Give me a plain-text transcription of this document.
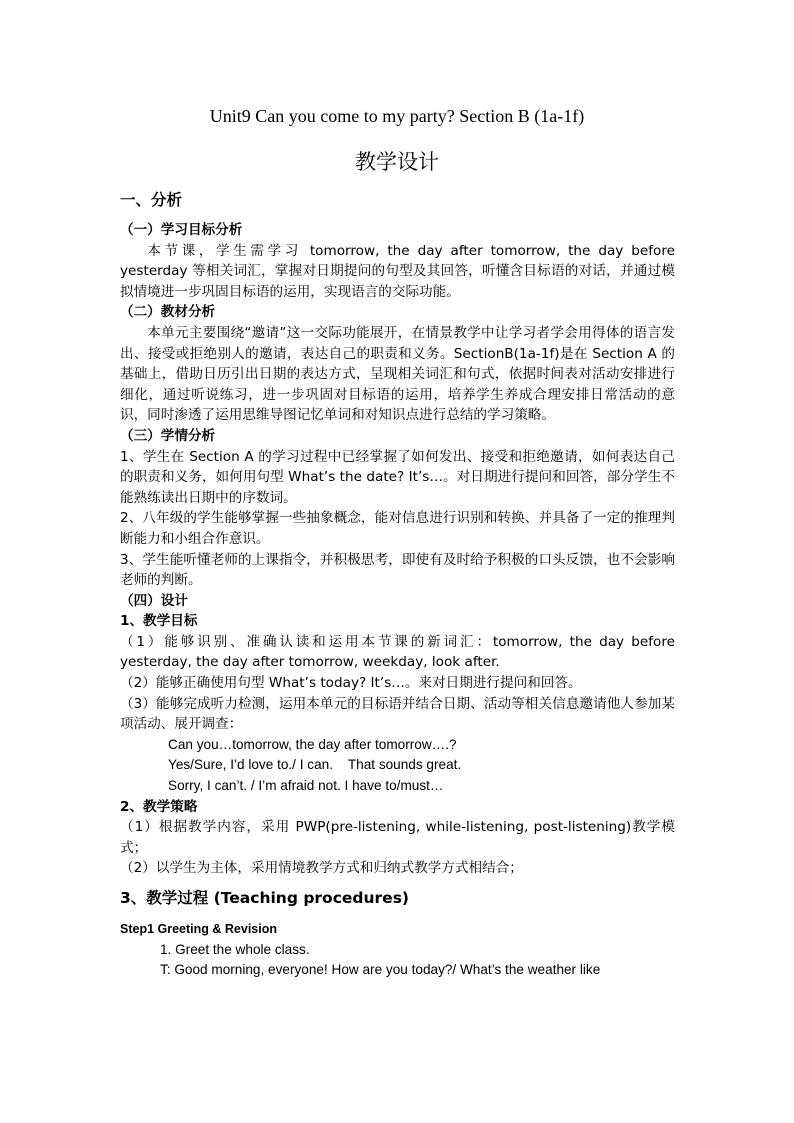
Unit9 Can you come to my party? Section B (1a-1f)
教学设计
一、分析
（一）学习目标分析
本节课，学生需学习 tomorrow, the day after tomorrow, the day before yesterday 等相关词汇，掌握对日期提问的句型及其回答，听懂含目标语的对话，并通过模拟情境进一步巩固目标语的运用，实现语言的交际功能。
（二）教材分析
本单元主要围绕“邀请”这一交际功能展开，在情景教学中让学习者学会用得体的语言发出、接受或拒绝别人的邀请，表达自己的职责和义务。SectionB(1a-1f)是在 Section A 的基础上，借助日历引出日期的表达方式，呈现相关词汇和句式，依据时间表对活动安排进行细化，通过听说练习，进一步巩固对目标语的运用，培养学生养成合理安排日常活动的意识，同时渗透了运用思维导图记忆单词和对知识点进行总结的学习策略。
（三）学情分析
1、学生在 Section A 的学习过程中已经掌握了如何发出、接受和拒绝邀请，如何表达自己的职责和义务，如何用句型 What’s the date? It’s…。对日期进行提问和回答，部分学生不能熟练读出日期中的序数词。
2、八年级的学生能够掌握一些抽象概念，能对信息进行识别和转换、并具备了一定的推理判断能力和小组合作意识。
3、学生能听懂老师的上课指令，并积极思考，即使有及时给予积极的口头反馈，也不会影响老师的判断。
（四）设计
1、教学目标
（1）能够识别、准确认读和运用本节课的新词汇：tomorrow, the day before yesterday, the day after tomorrow, weekday, look after.
（2）能够正确使用句型 What’s today? It’s…。来对日期进行提问和回答。
（3）能够完成听力检测，运用本单元的目标语并结合日期、活动等相关信息邀请他人参加某项活动、展开调查：
Can you…tomorrow, the day after tomorrow….?
Yes/Sure, I’d love to./ I can.    That sounds great.
Sorry, I can’t. / I’m afraid not. I have to/must…
2、教学策略
（1）根据教学内容，采用 PWP(pre-listening, while-listening, post-listening)教学模式；
（2）以学生为主体，采用情境教学方式和归纳式教学方式相结合；
3、教学过程 (Teaching procedures)
Step1 Greeting & Revision
1. Greet the whole class.
T: Good morning, everyone! How are you today?/ What’s the weather like
